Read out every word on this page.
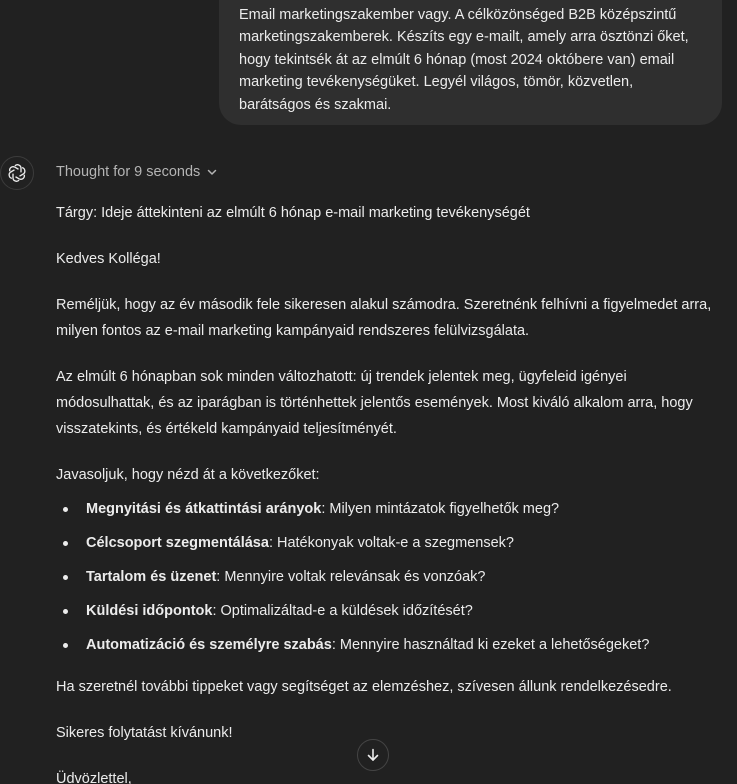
Email marketingszakember vagy. A célközönséged B2B középszintű
marketingszakemberek. Készíts egy e-mailt, amely arra ösztönzi őket,
hogy tekintsék át az elmúlt 6 hónap (most 2024 októbere van) email
marketing tevékenységüket. Legyél világos, tömör, közvetlen,
barátságos és szakmai.
Thought for 9 seconds

Tárgy: Ideje áttekinteni az elmúlt 6 hónap e-mail marketing tevékenységét

Kedves Kolléga!

Reméljük, hogy az év második fele sikeresen alakul számodra. Szeretnénk felhívni a figyelmedet arra,
milyen fontos az e-mail marketing kampányaid rendszeres felülvizsgálata.

Az elmúlt 6 hónapban sok minden változhatott: új trendek jelentek meg, ügyfeleid igényei
módosulhattak, és az iparágban is történhettek jelentős események. Most kiváló alkalom arra, hogy
visszatekints, és értékeld kampányaid teljesítményét.

Javasoljuk, hogy nézd át a következőket:

Megnyitási és átkattintási arányok: Milyen mintázatok figyelhetők meg?
Célcsoport szegmentálása: Hatékonyak voltak-e a szegmensek?
Tartalom és üzenet: Mennyire voltak relevánsak és vonzóak?
Küldési időpontok: Optimalizáltad-e a küldések időzítését?
Automatizáció és személyre szabás: Mennyire használtad ki ezeket a lehetőségeket?

Ha szeretnél további tippeket vagy segítséget az elemzéshez, szívesen állunk rendelkezésedre.

Sikeres folytatást kívánunk!

Üdvözlettel,
